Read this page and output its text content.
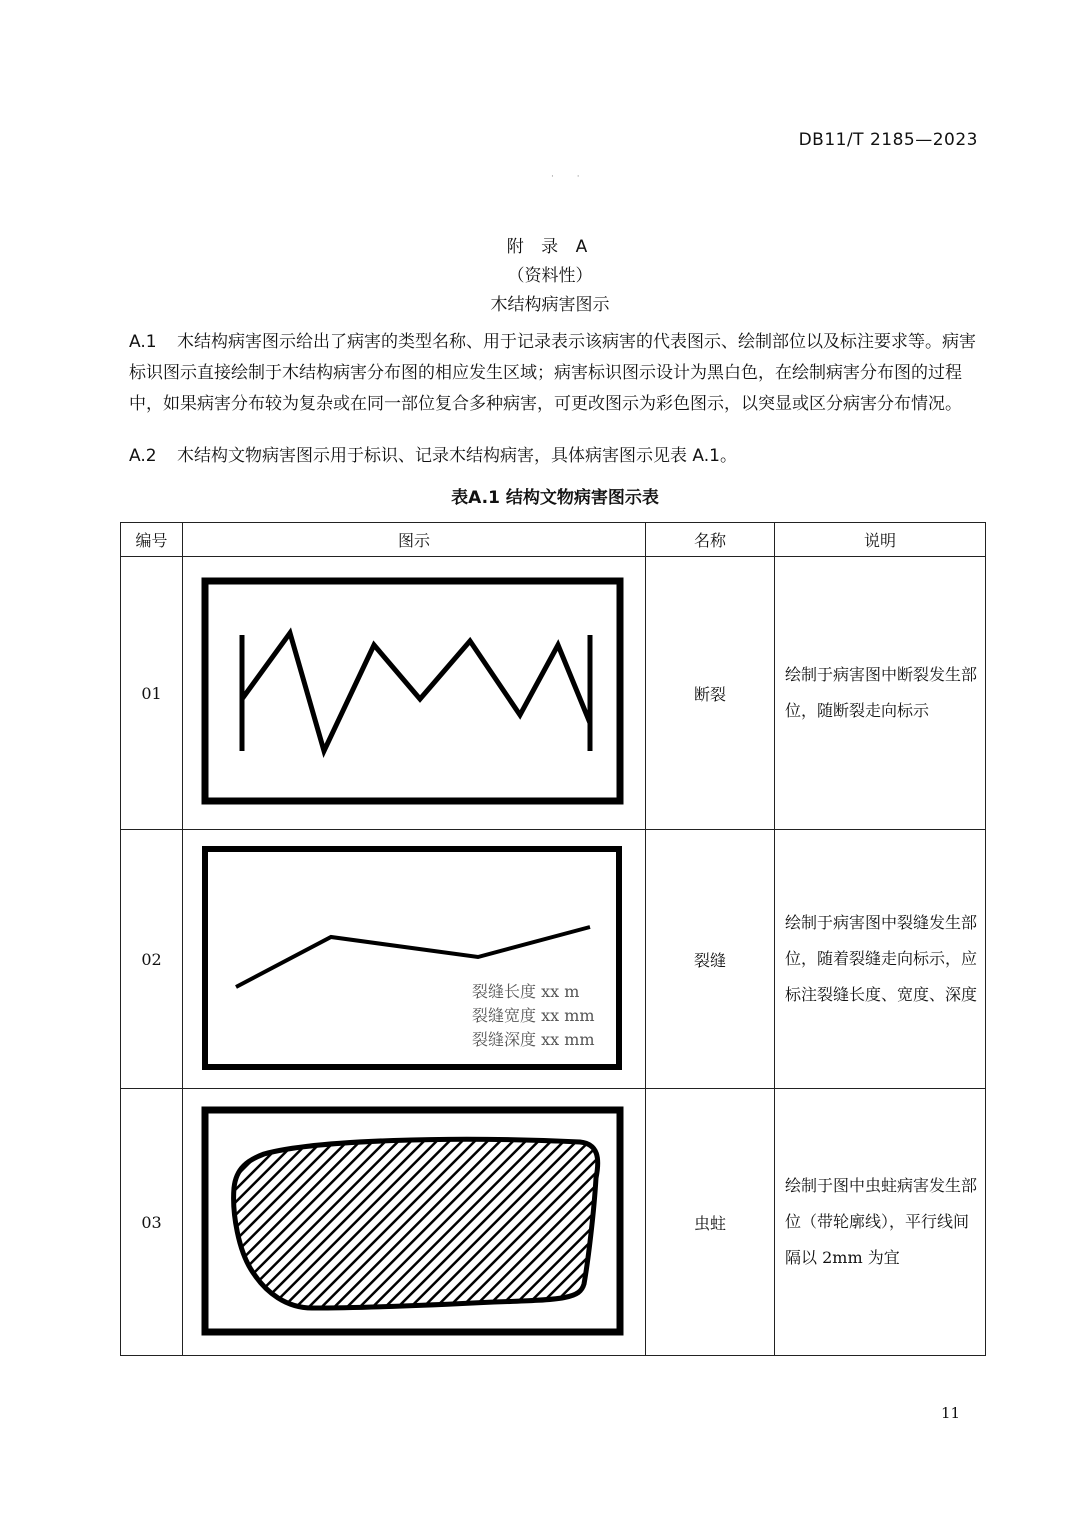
DB11/T 2185—2023
· ·
附 录 A
（资料性）
木结构病害图示

A.1 木结构病害图示给出了病害的类型名称、用于记录表示该病害的代表图示、绘制部位以及标注要求等。病害标识图示直接绘制于木结构病害分布图的相应发生区域；病害标识图示设计为黑白色，在绘制病害分布图的过程中，如果病害分布较为复杂或在同一部位复合多种病害，可更改图示为彩色图示，以突显或区分病害分布情况。

A.2 木结构文物病害图示用于标识、记录木结构病害，具体病害图示见表 A.1。

表A.1 结构文物病害图示表
编号	图示	名称	说明
01		断裂	绘制于病害图中断裂发生部位，随断裂走向标示
02	裂缝长度 xx m
裂缝宽度 xx mm
裂缝深度 xx mm	裂缝	绘制于病害图中裂缝发生部位，随着裂缝走向标示，应标注裂缝长度、宽度、深度
03		虫蛀	绘制于图中虫蛀病害发生部位（带轮廓线），平行线间隔以 2mm 为宜
11
